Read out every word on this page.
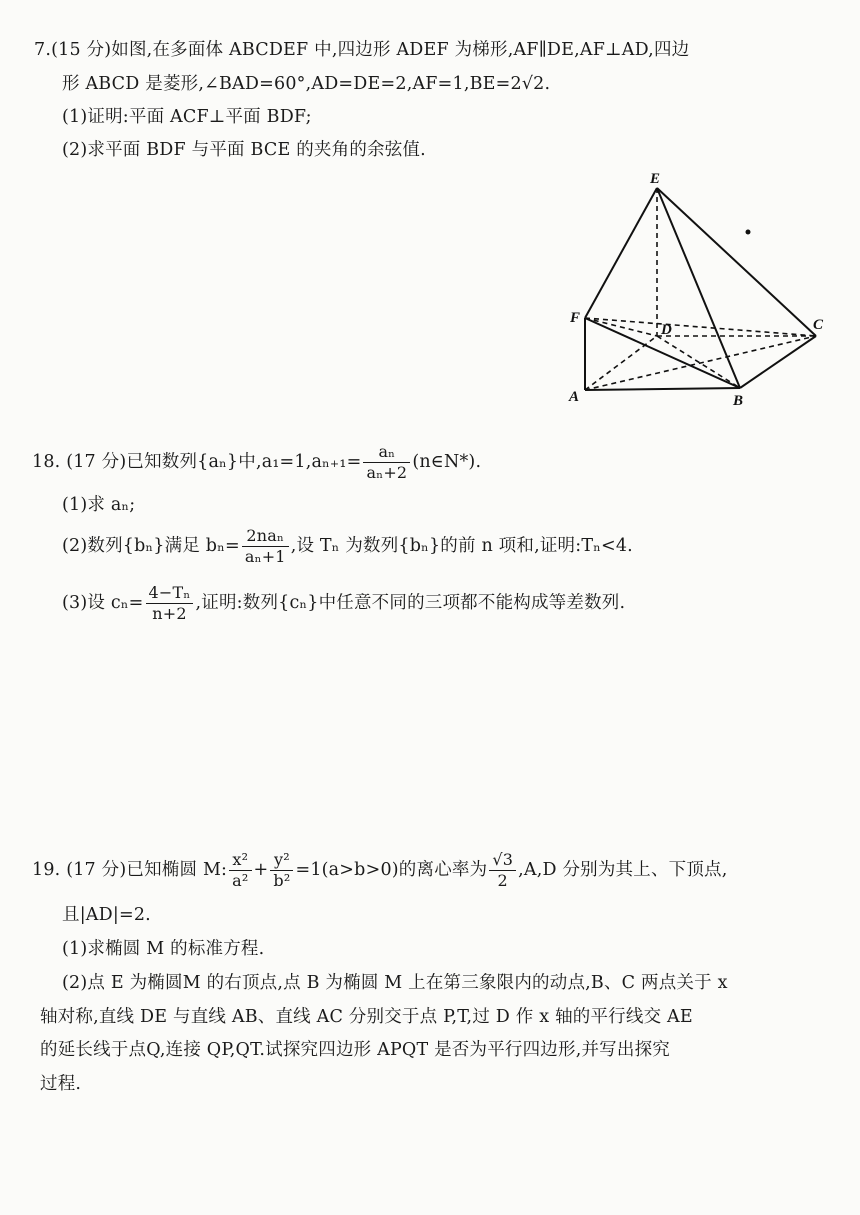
7.(15 分)如图,在多面体 ABCDEF 中,四边形 ADEF 为梯形,AF∥DE,AF⊥AD,四边
形 ABCD 是菱形,∠BAD=60°,AD=DE=2,AF=1,BE=2√2.
(1)证明:平面 ACF⊥平面 BDF;
(2)求平面 BDF 与平面 BCE 的夹角的余弦值.
E
F
D	C
A	B
18. (17 分)已知数列{aₙ}中$,a_1=1,a_{n+1}= \frac{\text{aₙ}}{\text{aₙ+2}}$ (n∈N*).
(1)求 aₙ;
(2)数列{bₙ}满足 $b_n= \frac{\text{2naₙ}}{\text{aₙ+1}}$ ,设 Tₙ 为数列{bₙ}的前 n 项和,证明:Tₙ<4.
(3)设 $c_n= \frac{\text{4−Tₙ}}{n+2}$ ,证明:数列{cₙ}中任意不同的三项都不能构成等差数列.
19. (17 分)已知椭圆 M: $\frac{\text{x²}}{\text{a²}} + \frac{\text{y²}}{\text{b²}} =1(a>b>0)$的离心率为 $\frac{√3}{2} ,A,D$ 分别为其上、下顶点,
且|AD|=2.
(1)求椭圆 M 的标准方程.
(2)点 E 为椭圆M 的右顶点,点 B 为椭圆 M 上在第三象限内的动点,B、C 两点关于 x
轴对称,直线 DE 与直线 AB、直线 AC 分别交于点 P,T,过 D 作 x 轴的平行线交 AE
的延长线于点Q,连接 QP,QT.试探究四边形 APQT 是否为平行四边形,并写出探究
过程.
